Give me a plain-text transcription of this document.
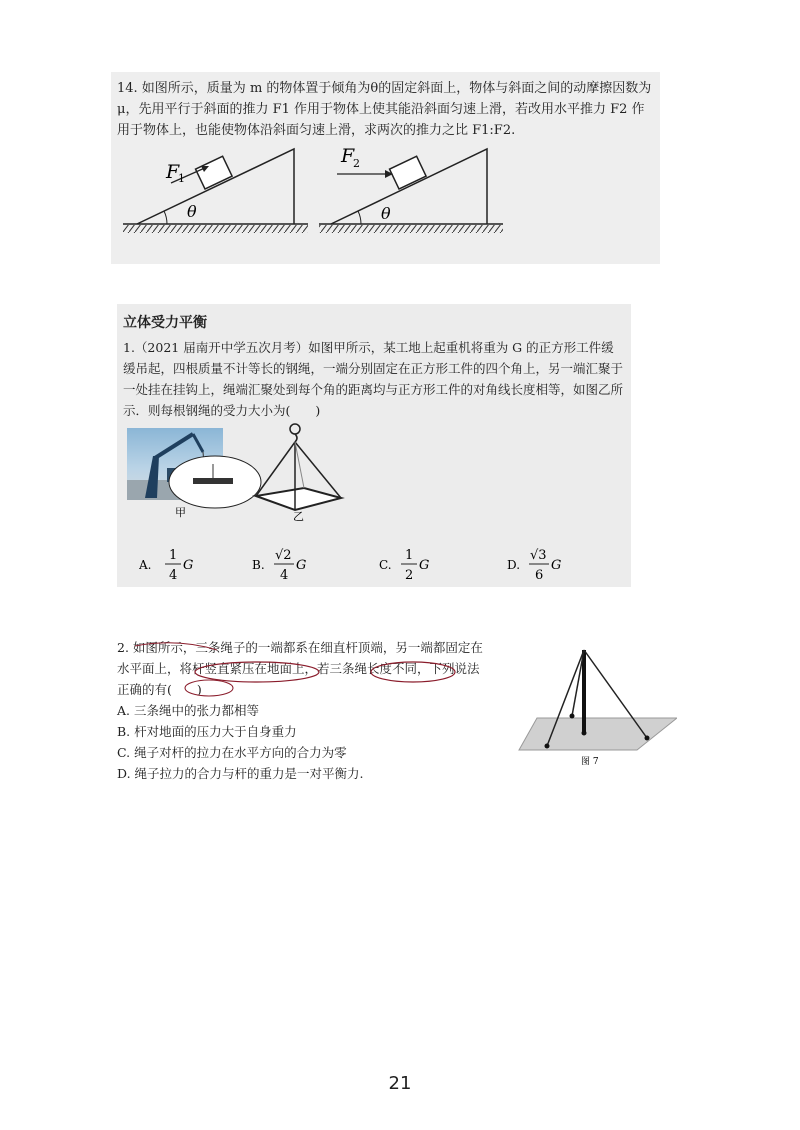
14. 如图所示，质量为 m 的物体置于倾角为θ的固定斜面上，物体与斜面之间的动摩擦因数为μ，先用平行于斜面的推力 F1 作用于物体上使其能沿斜面匀速上滑，若改用水平推力 F2 作用于物体上，也能使物体沿斜面匀速上滑，求两次的推力之比 F1:F2.
F
1
θ
F
2
θ
立体受力平衡
1.（2021 届南开中学五次月考）如图甲所示，某工地上起重机将重为 G 的正方形工件缓缓吊起，四根质量不计等长的钢绳，一端分别固定在正方形工件的四个角上，另一端汇聚于一处挂在挂钩上，绳端汇聚处到每个角的距离均与正方形工件的对角线长度相等，如图乙所示．则每根钢绳的受力大小为(　　)
甲	乙
A.
1
4
G	B.
√2
4
G	C.
1
2
G	D.
√3
6
G
2. 如图所示，三条绳子的一端都系在细直杆顶端，另一端都固定在
水平面上，将杆竖直紧压在地面上，若三条绳长度不同，下列说法
正确的有(　　)
A. 三条绳中的张力都相等
B. 杆对地面的压力大于自身重力
C. 绳子对杆的拉力在水平方向的合力为零
D. 绳子拉力的合力与杆的重力是一对平衡力.
图 7
21
